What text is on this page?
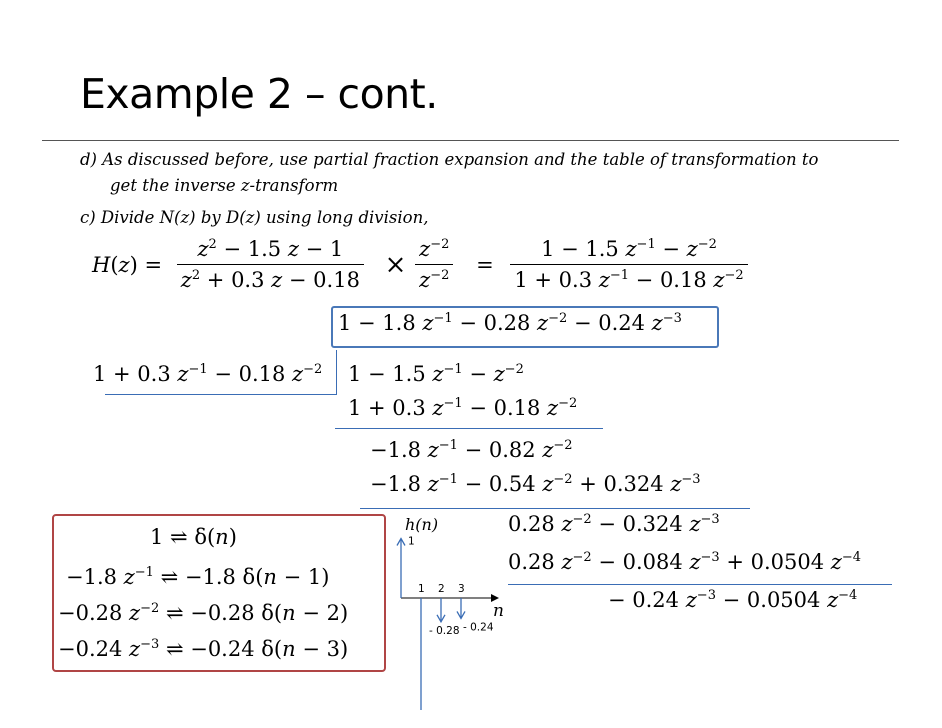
Example 2 – cont.
d) As discussed before, use partial fraction expansion and the table of transformation to
get the inverse z-transform
c) Divide N(z) by D(z) using long division,
$H(z) = \frac{z^2 - 1.5 z - 1}{z^2 + 0.3 z - 0.18} \times \frac{z^{-2}}{z^{-2}} = \frac{1 - 1.5 z^{-1} - z^{-2}}{1 + 0.3 z^{-1} - 0.18 z^{-2}}$
1 − 1.8 $z^{-1} - 0.28$ $z^{-2} - 0.24$ $z^{-3}$
1 + 0.3 $z^{-1} - 0.18$ $z^{-2}$ 1 − 1.5 $z^{-1} - z^{-2}$
1 + 0.3 $z^{-1} - 0.18$ $z^{-2}$
−1.8 $z^{-1} - 0.82$ $z^{-2}$
−1.8 $z^{-1} - 0.54$ $z^{-2} + 0.324$ $z^{-3}$
0.28 $z^{-2} - 0.324$ $z^{-3}$
0.28 $z^{-2} - 0.084$ $z^{-3} + 0.0504$ $z^{-4}$
− 0.24 $z^{-3} - 0.0504$ $z^{-4}$
1 ⇌ δ(n)
−1.8 $z^{-1}$ ⇌ −1.8 δ(n − 1)
−0.28 $z^{-2}$ ⇌ −0.28 δ(n − 2)
−0.24 $z^{-3}$ ⇌ −0.24 δ(n − 3)
n
h(n)
1 2 3
1
- 0.28 - 0.24
